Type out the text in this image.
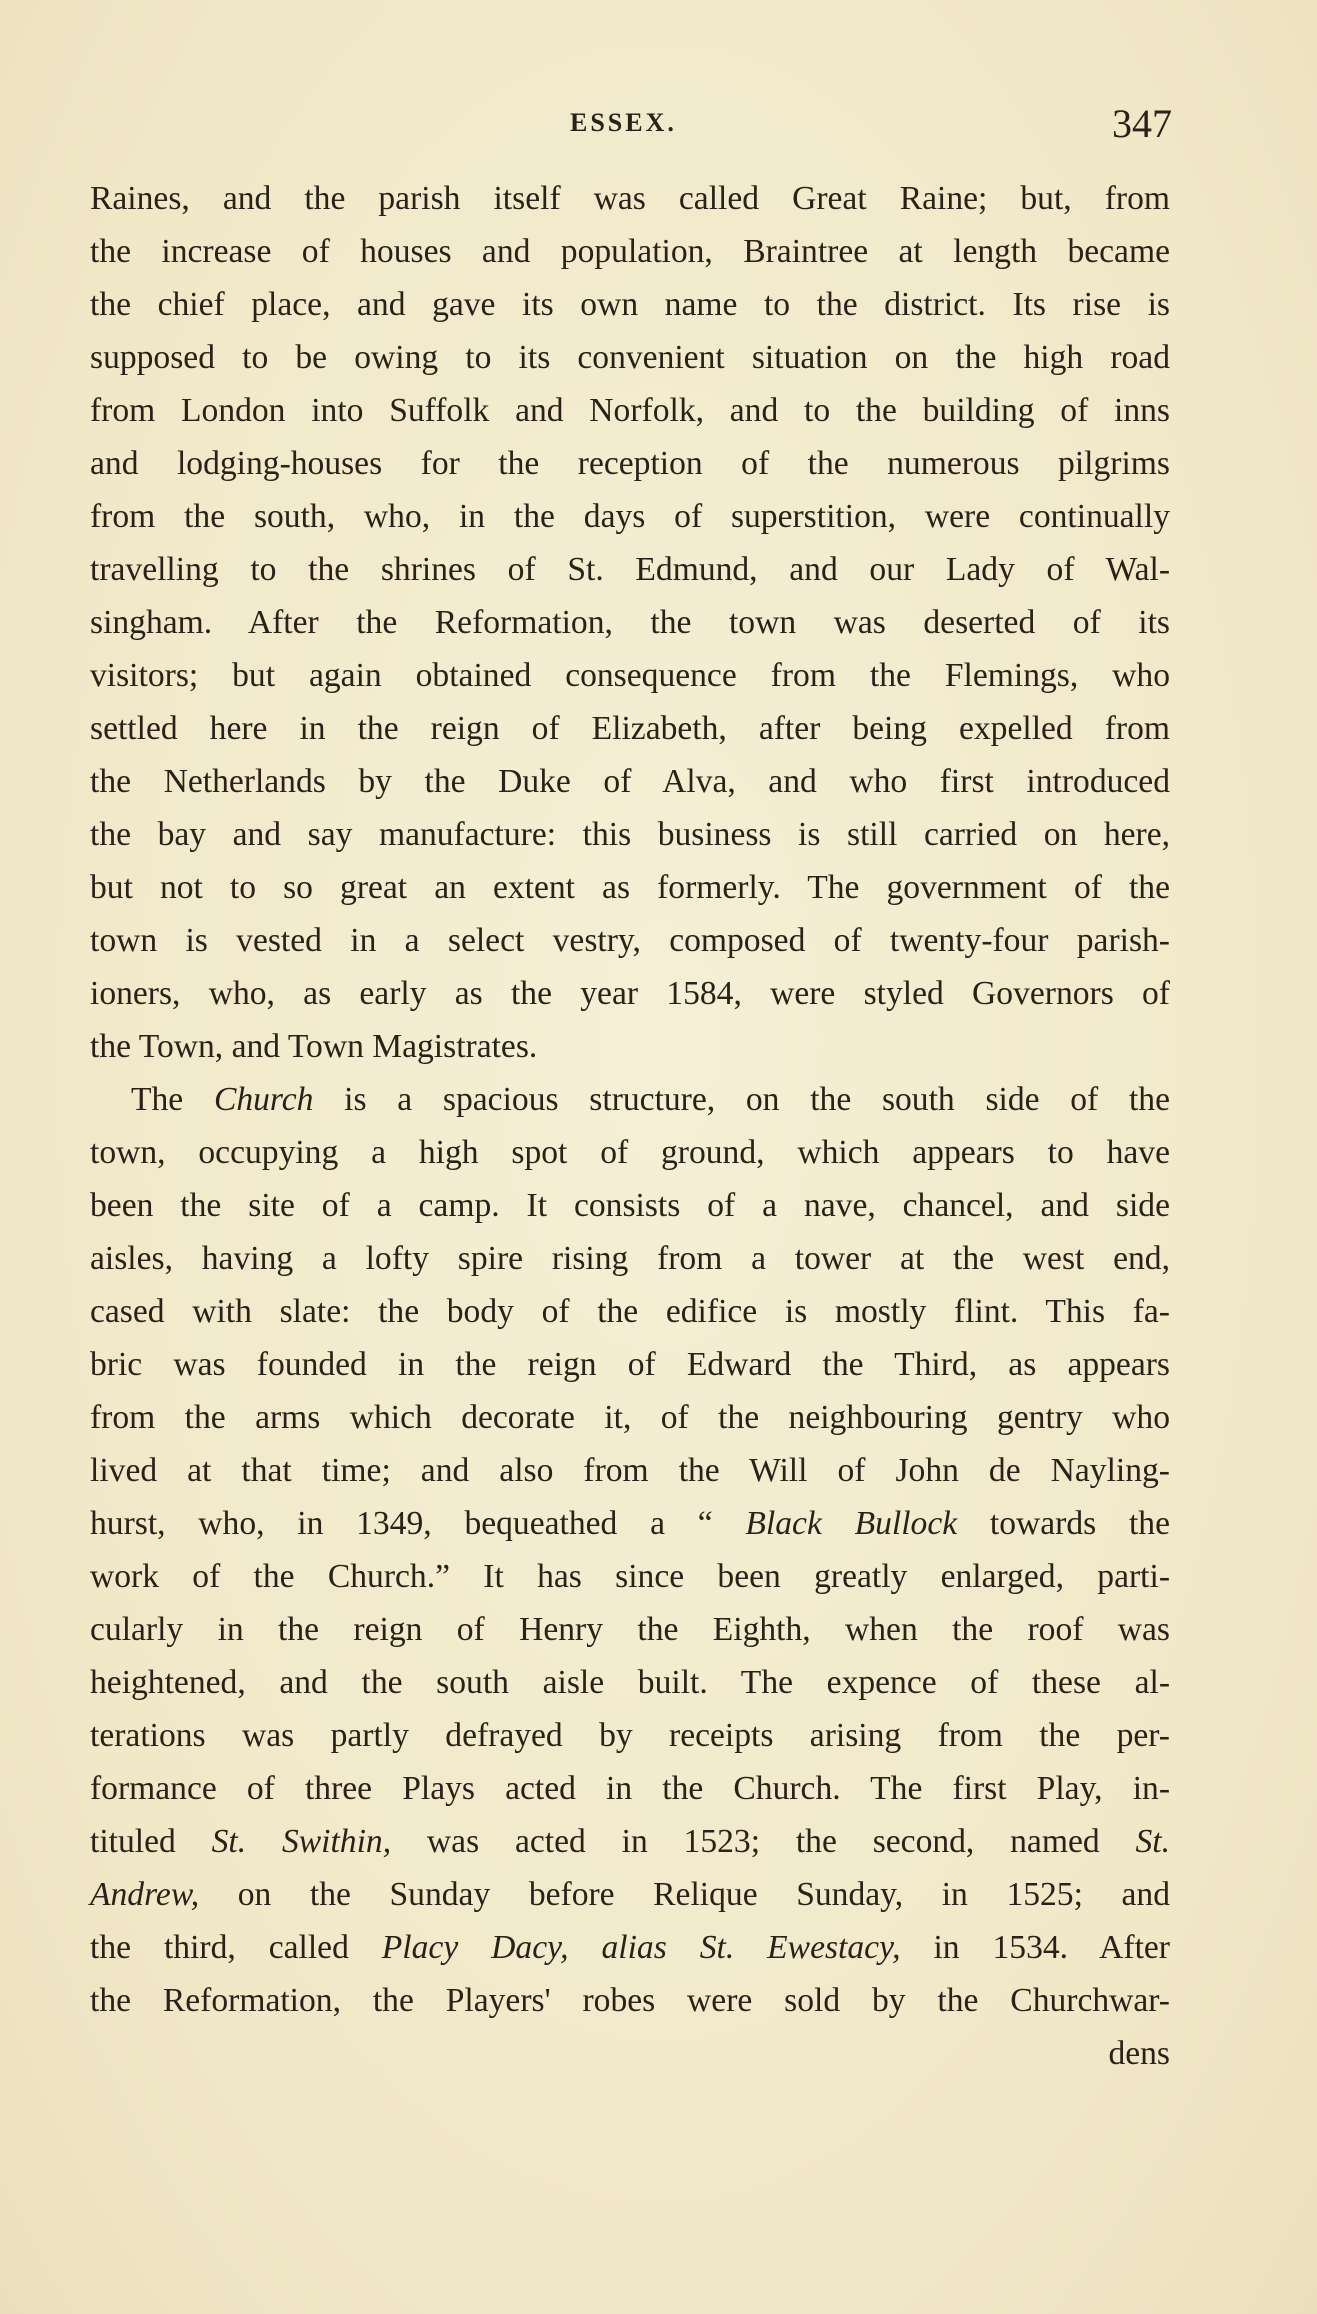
ESSEX.	347
Raines, and the parish itself was called Great Raine; but, from
the increase of houses and population, Braintree at length became
the chief place, and gave its own name to the district. Its rise is
supposed to be owing to its convenient situation on the high road
from London into Suffolk and Norfolk, and to the building of inns
and lodging-houses for the reception of the numerous pilgrims
from the south, who, in the days of superstition, were continually
travelling to the shrines of St. Edmund, and our Lady of Wal-
singham. After the Reformation, the town was deserted of its
visitors; but again obtained consequence from the Flemings, who
settled here in the reign of Elizabeth, after being expelled from
the Netherlands by the Duke of Alva, and who first introduced
the bay and say manufacture: this business is still carried on here,
but not to so great an extent as formerly. The government of the
town is vested in a select vestry, composed of twenty-four parish-
ioners, who, as early as the year 1584, were styled Governors of
the Town, and Town Magistrates.
The Church is a spacious structure, on the south side of the
town, occupying a high spot of ground, which appears to have
been the site of a camp. It consists of a nave, chancel, and side
aisles, having a lofty spire rising from a tower at the west end,
cased with slate: the body of the edifice is mostly flint. This fa-
bric was founded in the reign of Edward the Third, as appears
from the arms which decorate it, of the neighbouring gentry who
lived at that time; and also from the Will of John de Nayling-
hurst, who, in 1349, bequeathed a “ Black Bullock towards the
work of the Church.” It has since been greatly enlarged, parti-
cularly in the reign of Henry the Eighth, when the roof was
heightened, and the south aisle built. The expence of these al-
terations was partly defrayed by receipts arising from the per-
formance of three Plays acted in the Church. The first Play, in-
tituled St. Swithin, was acted in 1523; the second, named St.
Andrew, on the Sunday before Relique Sunday, in 1525; and
the third, called Placy Dacy, alias St. Ewestacy, in 1534. After
the Reformation, the Players' robes were sold by the Churchwar-
dens
